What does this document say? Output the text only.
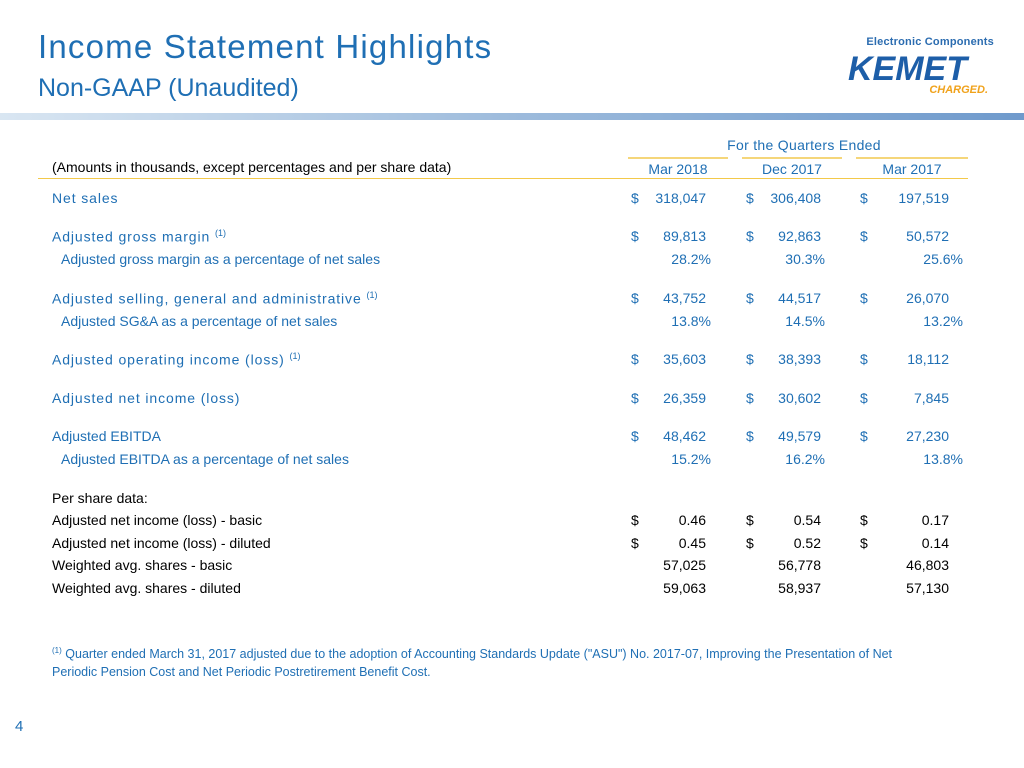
Income Statement Highlights
Non-GAAP (Unaudited)
Electronic Components
KEMET
CHARGED.
For the Quarters Ended
(Amounts in thousands, except percentages and per share data)	Mar 2018	Dec 2017	Mar 2017
Net sales	$	318,047	$	306,408	$	197,519
Adjusted gross margin $^{(1)}$	$	89,813	$	92,863	$	50,572
Adjusted gross margin as a percentage of net sales	28.2%	30.3%	25.6%
Adjusted selling, general and administrative $^{(1)}$	$	43,752	$	44,517	$	26,070
Adjusted SG&A as a percentage of net sales	13.8%	14.5%	13.2%
Adjusted operating income (loss) $^{(1)}$	$	35,603	$	38,393	$	18,112
Adjusted net income (loss)	$	26,359	$	30,602	$	7,845
Adjusted EBITDA	$	48,462	$	49,579	$	27,230
Adjusted EBITDA as a percentage of net sales	15.2%	16.2%	13.8%
Per share data:
Adjusted net income (loss) - basic	$	0.46	$	0.54	$	0.17
Adjusted net income (loss) - diluted	$	0.45	$	0.52	$	0.14
Weighted avg. shares - basic	57,025	56,778	46,803
Weighted avg. shares - diluted	59,063	58,937	57,130
$^{(1)}$ Quarter ended March 31, 2017 adjusted due to the adoption of Accounting Standards Update ("ASU") No. 2017-07, Improving the Presentation of Net Periodic Pension Cost and Net Periodic Postretirement Benefit Cost.
4
